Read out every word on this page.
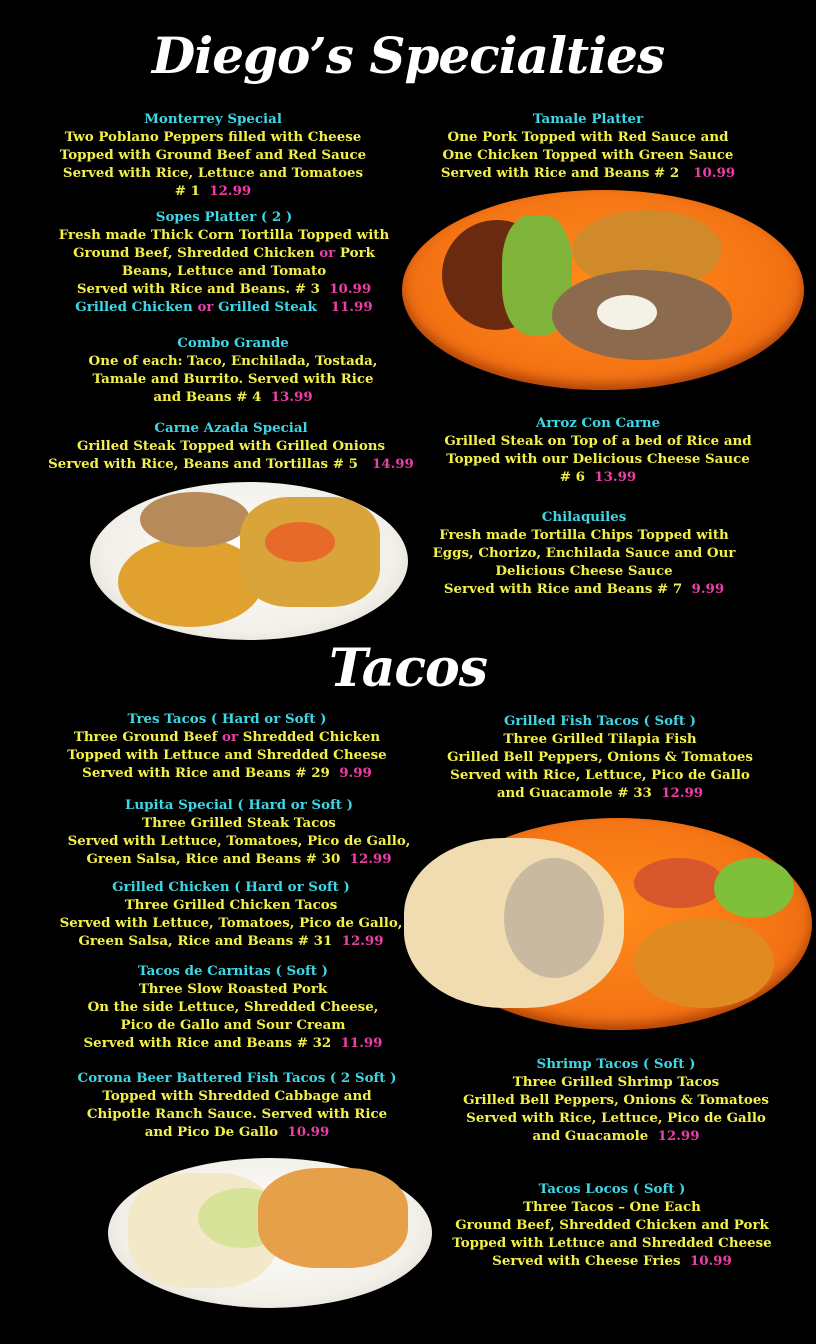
Diego’s Specialties
Tacos
Monterrey Special
Two Poblano Peppers filled with Cheese
Topped with Ground Beef and Red Sauce
Served with Rice, Lettuce and Tomatoes
# 1 12.99
Tamale Platter
One Pork Topped with Red Sauce and
One Chicken Topped with Green Sauce
Served with Rice and Beans # 2 10.99
Sopes Platter ( 2 )
Fresh made Thick Corn Tortilla Topped with
Ground Beef, Shredded Chicken or Pork
Beans, Lettuce and Tomato
Served with Rice and Beans. # 3 10.99
Grilled Chicken or Grilled Steak 11.99
Combo Grande
One of each: Taco, Enchilada, Tostada,
Tamale and Burrito. Served with Rice
and Beans # 4 13.99
Arroz Con Carne
Grilled Steak on Top of a bed of Rice and
Topped with our Delicious Cheese Sauce
# 6 13.99
Carne Azada Special
Grilled Steak Topped with Grilled Onions
Served with Rice, Beans and Tortillas # 5 14.99
Chilaquiles
Fresh made Tortilla Chips Topped with
Eggs, Chorizo, Enchilada Sauce and Our
Delicious Cheese Sauce
Served with Rice and Beans # 7 9.99
Tres Tacos ( Hard or Soft )
Three Ground Beef or Shredded Chicken
Topped with Lettuce and Shredded Cheese
Served with Rice and Beans # 29 9.99
Grilled Fish Tacos ( Soft )
Three Grilled Tilapia Fish
Grilled Bell Peppers, Onions & Tomatoes
Served with Rice, Lettuce, Pico de Gallo
and Guacamole # 33 12.99
Lupita Special ( Hard or Soft )
Three Grilled Steak Tacos
Served with Lettuce, Tomatoes, Pico de Gallo,
Green Salsa, Rice and Beans # 30 12.99
Grilled Chicken ( Hard or Soft )
Three Grilled Chicken Tacos
Served with Lettuce, Tomatoes, Pico de Gallo,
Green Salsa, Rice and Beans # 31 12.99
Tacos de Carnitas ( Soft )
Three Slow Roasted Pork
On the side Lettuce, Shredded Cheese,
Pico de Gallo and Sour Cream
Served with Rice and Beans # 32 11.99
Shrimp Tacos ( Soft )
Three Grilled Shrimp Tacos
Grilled Bell Peppers, Onions & Tomatoes
Served with Rice, Lettuce, Pico de Gallo
and Guacamole 12.99
Corona Beer Battered Fish Tacos ( 2 Soft )
Topped with Shredded Cabbage and
Chipotle Ranch Sauce. Served with Rice
and Pico De Gallo 10.99
Tacos Locos ( Soft )
Three Tacos – One Each
Ground Beef, Shredded Chicken and Pork
Topped with Lettuce and Shredded Cheese
Served with Cheese Fries 10.99
